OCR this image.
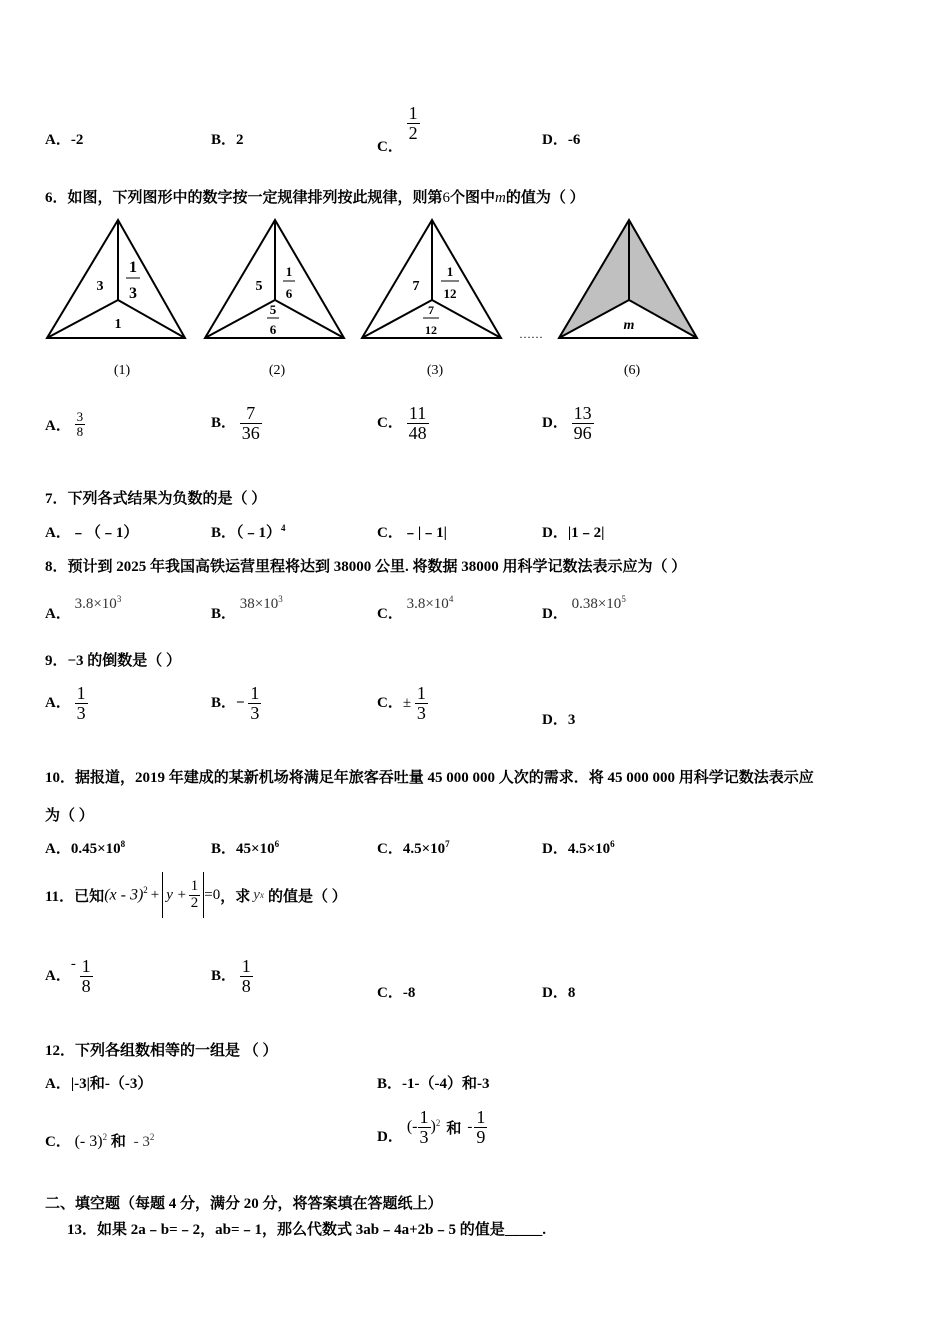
A．-2	B．2	C．
$\frac{1}{2}$	D．-6
6．如图，下列图形中的数字按一定规律排列按此规律，则第6个图中m的值为（ ）
3
1
3
1
(1)
5
1
6
5
6
(2)
7
1
12
7
12
(3)
……
m
(6)
A． $\frac{3}{8}$	B． $\frac{7}{36}$	C． $\frac{11}{48}$	D． $\frac{13}{96}$
7．下列各式结果为负数的是（ ）
A．﹣（﹣1）	B．（﹣1）$^4$	C．﹣|﹣1|	D．|1﹣2|
8．预计到 2025 年我国高铁运营里程将达到 38000 公里. 将数据 38000 用科学记数法表示应为（ ）
A． $3.8\times 10^3$
B． $38\times 10^3$
C． $3.8\times 10^4$
D． $0.38\times 10^5$
9．−3 的倒数是（ ）
A． $\frac{1}{3}$	B．− $\frac{1}{3}$	C．± $\frac{1}{3}$	D．3
10．据报道，2019 年建成的某新机场将满足年旅客吞吐量 45 000 000 人次的需求．将 45 000 000 用科学记数法表示应
为（ ）
A．$0.45\times 10^8$	B．$45\times 10^6$	C．$4.5\times 10^7$	D．$4.5\times 10^6$
11．已知 $(x - 3)^2 + y + \frac{1}{2} =0$ ，求 y x 的值是（ ）
A．- $\frac{1}{8}$	B． $\frac{1}{8}$	C．-8	D．8
12．下列各组数相等的一组是 （ ）
A．|-3|和-（-3）	B．-1-（-4）和-3
C． (- 3)$^2$ 和 - $3^2$	D．
(- $\frac{1}{3}$ ) 2 和 - $\frac{1}{9}$
二、填空题（每题 4 分，满分 20 分，将答案填在答题纸上）
13．如果 2a﹣b=﹣2，ab=﹣1，那么代数式 3ab﹣4a+2b﹣5 的值是_____.
